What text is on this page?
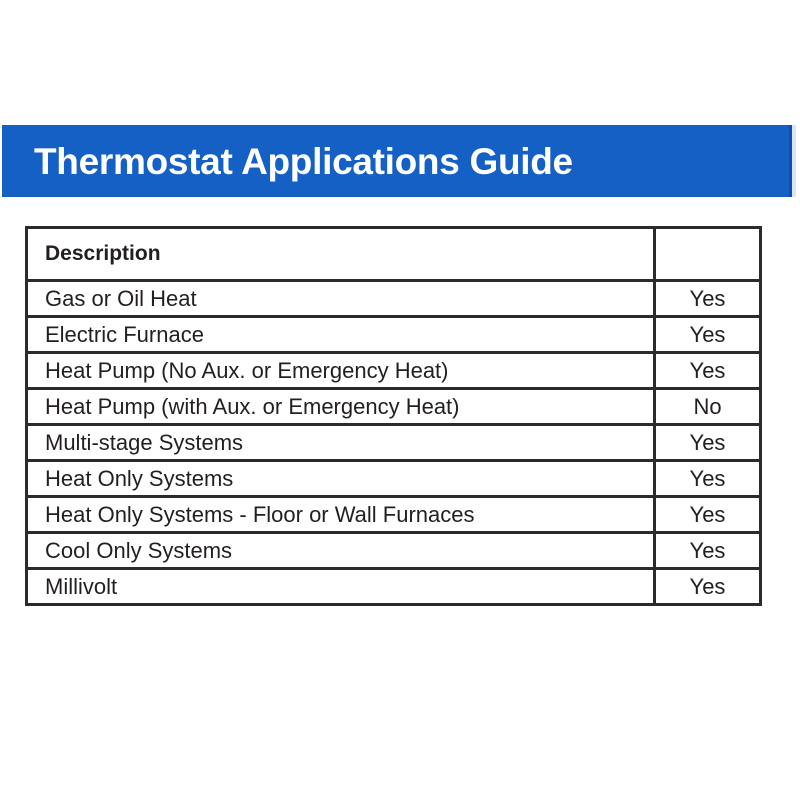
Thermostat Applications Guide
Description	
Gas or Oil Heat	Yes
Electric Furnace	Yes
Heat Pump (No Aux. or Emergency Heat)	Yes
Heat Pump (with Aux. or Emergency Heat)	No
Multi-stage Systems	Yes
Heat Only Systems	Yes
Heat Only Systems - Floor or Wall Furnaces	Yes
Cool Only Systems	Yes
Millivolt	Yes
